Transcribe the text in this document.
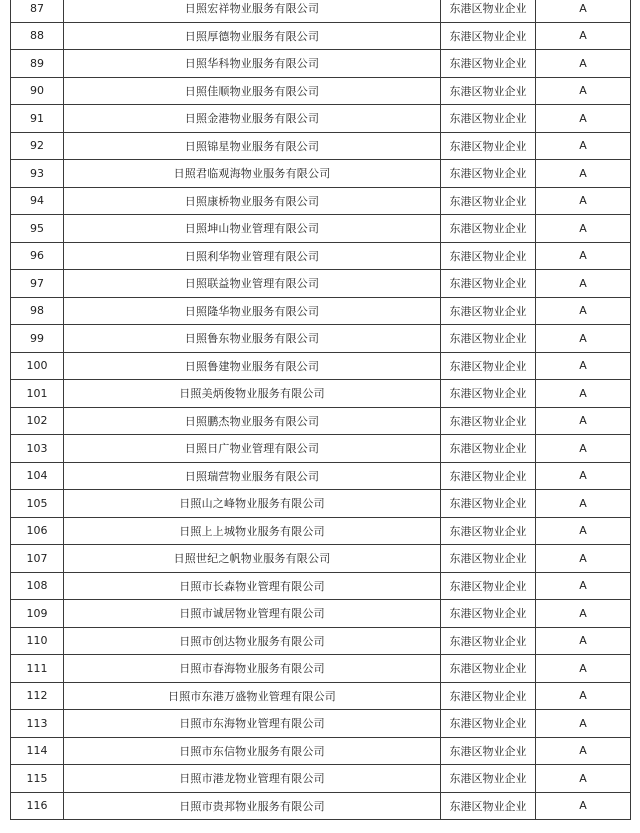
87	日照宏祥物业服务有限公司	东港区物业企业	A
88	日照厚德物业服务有限公司	东港区物业企业	A
89	日照华科物业服务有限公司	东港区物业企业	A
90	日照佳顺物业服务有限公司	东港区物业企业	A
91	日照金港物业服务有限公司	东港区物业企业	A
92	日照锦星物业服务有限公司	东港区物业企业	A
93	日照君临观海物业服务有限公司	东港区物业企业	A
94	日照康桥物业服务有限公司	东港区物业企业	A
95	日照坤山物业管理有限公司	东港区物业企业	A
96	日照利华物业管理有限公司	东港区物业企业	A
97	日照联益物业管理有限公司	东港区物业企业	A
98	日照隆华物业服务有限公司	东港区物业企业	A
99	日照鲁东物业服务有限公司	东港区物业企业	A
100	日照鲁建物业服务有限公司	东港区物业企业	A
101	日照美炳俊物业服务有限公司	东港区物业企业	A
102	日照鹏杰物业服务有限公司	东港区物业企业	A
103	日照日广物业管理有限公司	东港区物业企业	A
104	日照瑞营物业服务有限公司	东港区物业企业	A
105	日照山之峰物业服务有限公司	东港区物业企业	A
106	日照上上城物业服务有限公司	东港区物业企业	A
107	日照世纪之帆物业服务有限公司	东港区物业企业	A
108	日照市长森物业管理有限公司	东港区物业企业	A
109	日照市诚居物业管理有限公司	东港区物业企业	A
110	日照市创达物业服务有限公司	东港区物业企业	A
111	日照市春海物业服务有限公司	东港区物业企业	A
112	日照市东港万盛物业管理有限公司	东港区物业企业	A
113	日照市东海物业管理有限公司	东港区物业企业	A
114	日照市东信物业服务有限公司	东港区物业企业	A
115	日照市港龙物业管理有限公司	东港区物业企业	A
116	日照市贵邦物业服务有限公司	东港区物业企业	A
